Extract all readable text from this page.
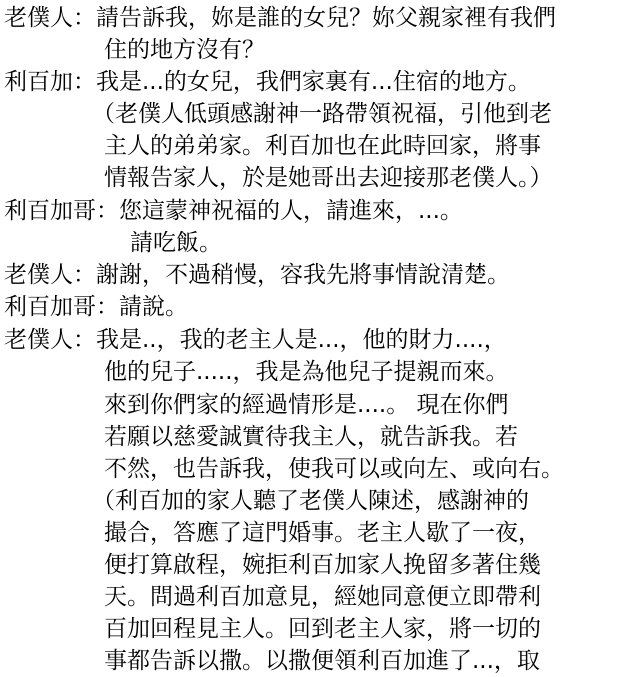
老僕人：請告訴我，妳是誰的女兒？妳父親家裡有我們
住的地方沒有？
利百加：我是...的女兒，我們家裏有...住宿的地方。
（老僕人低頭感謝神一路帶領祝福，引他到老
主人的弟弟家。利百加也在此時回家，將事
情報告家人，於是她哥出去迎接那老僕人。）
利百加哥：您這蒙神祝福的人，請進來，...。
請吃飯。
老僕人：謝謝，不過稍慢，容我先將事情說清楚。
利百加哥：請說。
老僕人：我是..，我的老主人是...，他的財力....，
他的兒子.....，我是為他兒子提親而來。
來到你們家的經過情形是....。 現在你們
若願以慈愛誠實待我主人，就告訴我。若
不然，也告訴我，使我可以或向左、或向右。
（利百加的家人聽了老僕人陳述，感謝神的
撮合，答應了這門婚事。老主人歇了一夜，
便打算啟程，婉拒利百加家人挽留多著住幾
天。問過利百加意見，經她同意便立即帶利
百加回程見主人。回到老主人家，將一切的
事都告訴以撒。以撒便領利百加進了...，取
